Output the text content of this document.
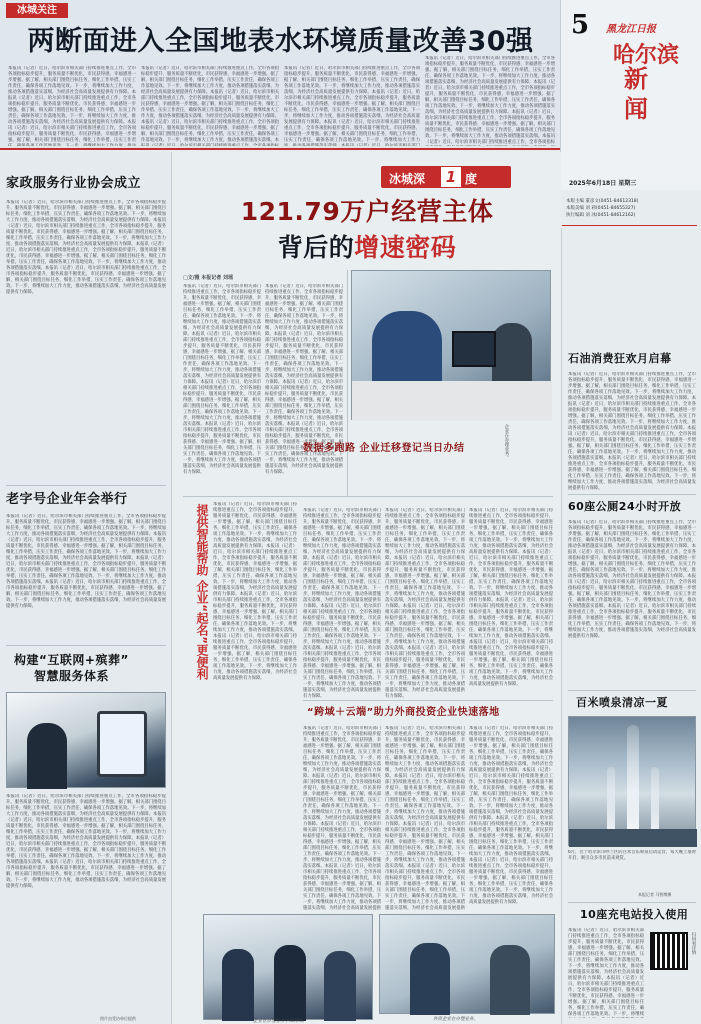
冰城关注
两断面进入全国地表水环境质量改善30强
本报讯（记者）近日，哈尔滨市相关部门持续推进重点工作，全市各项指标稳步提升，服务质量不断优化，市民获得感、幸福感进一步增强。据了解，相关部门围绕目标任务，细化工作举措，压实工作责任，确保各项工作落地见效。下一步，将继续加大工作力度，推动各项措施落实落细，为经济社会高质量发展提供有力保障。本报讯（记者）近日，哈尔滨市相关部门持续推进重点工作，全市各项指标稳步提升，服务质量不断优化，市民获得感、幸福感进一步增强。据了解，相关部门围绕目标任务，细化工作举措，压实工作责任，确保各项工作落地见效。下一步，将继续加大工作力度，推动各项措施落实落细，为经济社会高质量发展提供有力保障。本报讯（记者）近日，哈尔滨市相关部门持续推进重点工作，全市各项指标稳步提升，服务质量不断优化，市民获得感、幸福感进一步增强。据了解，相关部门围绕目标任务，细化工作举措，压实工作责任，确保各项工作落地见效。下一步，将继续加大工作力度，推动各项措施落实落细。本报讯（记者）近日，哈尔滨市相关部门持续推进重点工作，全市各项指标稳步提升，服务质量不断优化，市民获得感、幸福感进一步增强。据了解，相关部门围绕目标任务，细化工作举措，压实工作责任，确保各项工作落地见效。下一步，将继续加大工作力度，推动各项措施落实落细，为经济社会高质量发展提供有力保障。
本报讯（记者）近日，哈尔滨市相关部门持续推进重点工作，全市各项指标稳步提升，服务质量不断优化，市民获得感、幸福感进一步增强。据了解，相关部门围绕目标任务，细化工作举措，压实工作责任，确保各项工作落地见效。下一步，将继续加大工作力度，推动各项措施落实落细，为经济社会高质量发展提供有力保障。本报讯（记者）近日，哈尔滨市相关部门持续推进重点工作，全市各项指标稳步提升，服务质量不断优化，市民获得感、幸福感进一步增强。据了解，相关部门围绕目标任务，细化工作举措，压实工作责任，确保各项工作落地见效。下一步，将继续加大工作力度，推动各项措施落实落细，为经济社会高质量发展提供有力保障。本报讯（记者）近日，哈尔滨市相关部门持续推进重点工作，全市各项指标稳步提升，服务质量不断优化，市民获得感、幸福感进一步增强。据了解，相关部门围绕目标任务，细化工作举措，压实工作责任，确保各项工作落地见效。下一步，将继续加大工作力度，推动各项措施落实落细。本报讯（记者）近日，哈尔滨市相关部门持续推进重点工作，全市各项指标稳步提升，服务质量不断优化，市民获得感、幸福感进一步增强。据了解，相关部门围绕目标任务，细化工作举措，压实工作责任，确保各项工作落地见效。下一步，将继续加大工作力度，推动各项措施落实落细，为经济社会高质量发展提供有力保障。
本报讯（记者）近日，哈尔滨市相关部门持续推进重点工作，全市各项指标稳步提升，服务质量不断优化，市民获得感、幸福感进一步增强。据了解，相关部门围绕目标任务，细化工作举措，压实工作责任，确保各项工作落地见效。下一步，将继续加大工作力度，推动各项措施落实落细，为经济社会高质量发展提供有力保障。本报讯（记者）近日，哈尔滨市相关部门持续推进重点工作，全市各项指标稳步提升，服务质量不断优化，市民获得感、幸福感进一步增强。据了解，相关部门围绕目标任务，细化工作举措，压实工作责任，确保各项工作落地见效。下一步，将继续加大工作力度，推动各项措施落实落细，为经济社会高质量发展提供有力保障。本报讯（记者）近日，哈尔滨市相关部门持续推进重点工作，全市各项指标稳步提升，服务质量不断优化，市民获得感、幸福感进一步增强。据了解，相关部门围绕目标任务，细化工作举措，压实工作责任，确保各项工作落地见效。下一步，将继续加大工作力度，推动各项措施落实落细。本报讯（记者）近日，哈尔滨市相关部门持续推进重点工作，全市各项指标稳步提升，服务质量不断优化，市民获得感、幸福感进一步增强。据了解，相关部门围绕目标任务，细化工作举措，压实工作责任，确保各项工作落地见效。下一步，将继续加大工作力度，推动各项措施落实落细，为经济社会高质量发展提供有力保障。
本报讯（记者）近日，哈尔滨市相关部门持续推进重点工作，全市各项指标稳步提升，服务质量不断优化，市民获得感、幸福感进一步增强。据了解，相关部门围绕目标任务，细化工作举措，压实工作责任，确保各项工作落地见效。下一步，将继续加大工作力度，推动各项措施落实落细，为经济社会高质量发展提供有力保障。本报讯（记者）近日，哈尔滨市相关部门持续推进重点工作，全市各项指标稳步提升，服务质量不断优化，市民获得感、幸福感进一步增强。据了解，相关部门围绕目标任务，细化工作举措，压实工作责任，确保各项工作落地见效。下一步，将继续加大工作力度，推动各项措施落实落细，为经济社会高质量发展提供有力保障。本报讯（记者）近日，哈尔滨市相关部门持续推进重点工作，全市各项指标稳步提升，服务质量不断优化，市民获得感、幸福感进一步增强。据了解，相关部门围绕目标任务，细化工作举措，压实工作责任，确保各项工作落地见效。下一步，将继续加大工作力度，推动各项措施落实落细。本报讯（记者）近日，哈尔滨市相关部门持续推进重点工作，全市各项指标稳步提升，服务质量不断优化，市民获得感、幸福感进一步增强。据了解，相关部门围绕目标任务，细化工作举措，压实工作责任，确保各项工作落地见效。下一步，将继续加大工作力度，推动各项措施落实落细，为经济社会高质量发展提供有力保障。
5 黑龙江日报
哈尔滨
新闻
2025年6月18日 星期三
本版主编 董彦文(0451-84612318)
本版美编 刘 莉(0451-84655327)
执行编辑 刘 冰(0451-84612162)
家政服务行业协会成立
本报讯（记者）近日，哈尔滨市相关部门持续推进重点工作，全市各项指标稳步提升，服务质量不断优化，市民获得感、幸福感进一步增强。据了解，相关部门围绕目标任务，细化工作举措，压实工作责任，确保各项工作落地见效。下一步，将继续加大工作力度，推动各项措施落实落细，为经济社会高质量发展提供有力保障。本报讯（记者）近日，哈尔滨市相关部门持续推进重点工作，全市各项指标稳步提升，服务质量不断优化，市民获得感、幸福感进一步增强。据了解，相关部门围绕目标任务，细化工作举措，压实工作责任，确保各项工作落地见效。下一步，将继续加大工作力度，推动各项措施落实落细，为经济社会高质量发展提供有力保障。本报讯（记者）近日，哈尔滨市相关部门持续推进重点工作，全市各项指标稳步提升，服务质量不断优化，市民获得感、幸福感进一步增强。据了解，相关部门围绕目标任务，细化工作举措，压实工作责任，确保各项工作落地见效。下一步，将继续加大工作力度，推动各项措施落实落细。本报讯（记者）近日，哈尔滨市相关部门持续推进重点工作，全市各项指标稳步提升，服务质量不断优化，市民获得感、幸福感进一步增强。据了解，相关部门围绕目标任务，细化工作举措，压实工作责任，确保各项工作落地见效。下一步，将继续加大工作力度，推动各项措施落实落细，为经济社会高质量发展提供有力保障。
老字号企业年会举行
本报讯（记者）近日，哈尔滨市相关部门持续推进重点工作，全市各项指标稳步提升，服务质量不断优化，市民获得感、幸福感进一步增强。据了解，相关部门围绕目标任务，细化工作举措，压实工作责任，确保各项工作落地见效。下一步，将继续加大工作力度，推动各项措施落实落细，为经济社会高质量发展提供有力保障。本报讯（记者）近日，哈尔滨市相关部门持续推进重点工作，全市各项指标稳步提升，服务质量不断优化，市民获得感、幸福感进一步增强。据了解，相关部门围绕目标任务，细化工作举措，压实工作责任，确保各项工作落地见效。下一步，将继续加大工作力度，推动各项措施落实落细，为经济社会高质量发展提供有力保障。本报讯（记者）近日，哈尔滨市相关部门持续推进重点工作，全市各项指标稳步提升，服务质量不断优化，市民获得感、幸福感进一步增强。据了解，相关部门围绕目标任务，细化工作举措，压实工作责任，确保各项工作落地见效。下一步，将继续加大工作力度，推动各项措施落实落细。本报讯（记者）近日，哈尔滨市相关部门持续推进重点工作，全市各项指标稳步提升，服务质量不断优化，市民获得感、幸福感进一步增强。据了解，相关部门围绕目标任务，细化工作举措，压实工作责任，确保各项工作落地见效。下一步，将继续加大工作力度，推动各项措施落实落细，为经济社会高质量发展提供有力保障。
构建“互联网+殡葬”
智慧服务体系
本报讯（记者）近日，哈尔滨市相关部门持续推进重点工作，全市各项指标稳步提升，服务质量不断优化，市民获得感、幸福感进一步增强。据了解，相关部门围绕目标任务，细化工作举措，压实工作责任，确保各项工作落地见效。下一步，将继续加大工作力度，推动各项措施落实落细，为经济社会高质量发展提供有力保障。本报讯（记者）近日，哈尔滨市相关部门持续推进重点工作，全市各项指标稳步提升，服务质量不断优化，市民获得感、幸福感进一步增强。据了解，相关部门围绕目标任务，细化工作举措，压实工作责任，确保各项工作落地见效。下一步，将继续加大工作力度，推动各项措施落实落细，为经济社会高质量发展提供有力保障。本报讯（记者）近日，哈尔滨市相关部门持续推进重点工作，全市各项指标稳步提升，服务质量不断优化，市民获得感、幸福感进一步增强。据了解，相关部门围绕目标任务，细化工作举措，压实工作责任，确保各项工作落地见效。下一步，将继续加大工作力度，推动各项措施落实落细。本报讯（记者）近日，哈尔滨市相关部门持续推进重点工作，全市各项指标稳步提升，服务质量不断优化，市民获得感、幸福感进一步增强。据了解，相关部门围绕目标任务，细化工作举措，压实工作责任，确保各项工作落地见效。下一步，将继续加大工作力度，推动各项措施落实落细，为经济社会高质量发展提供有力保障。
图片由受访单位提供
冰城深	1 度
121.79万户经营主体
背后的增速密码
□文/摄 本报记者 刘瑶
本报讯（记者）近日，哈尔滨市相关部门持续推进重点工作，全市各项指标稳步提升，服务质量不断优化，市民获得感、幸福感进一步增强。据了解，相关部门围绕目标任务，细化工作举措，压实工作责任，确保各项工作落地见效。下一步，将继续加大工作力度，推动各项措施落实落细，为经济社会高质量发展提供有力保障。本报讯（记者）近日，哈尔滨市相关部门持续推进重点工作，全市各项指标稳步提升，服务质量不断优化，市民获得感、幸福感进一步增强。据了解，相关部门围绕目标任务，细化工作举措，压实工作责任，确保各项工作落地见效。下一步，将继续加大工作力度，推动各项措施落实落细，为经济社会高质量发展提供有力保障。本报讯（记者）近日，哈尔滨市相关部门持续推进重点工作，全市各项指标稳步提升，服务质量不断优化，市民获得感、幸福感进一步增强。据了解，相关部门围绕目标任务，细化工作举措，压实工作责任，确保各项工作落地见效。下一步，将继续加大工作力度，推动各项措施落实落细。本报讯（记者）近日，哈尔滨市相关部门持续推进重点工作，全市各项指标稳步提升，服务质量不断优化，市民获得感、幸福感进一步增强。据了解，相关部门围绕目标任务，细化工作举措，压实工作责任，确保各项工作落地见效。下一步，将继续加大工作力度，推动各项措施落实落细，为经济社会高质量发展提供有力保障。
本报讯（记者）近日，哈尔滨市相关部门持续推进重点工作，全市各项指标稳步提升，服务质量不断优化，市民获得感、幸福感进一步增强。据了解，相关部门围绕目标任务，细化工作举措，压实工作责任，确保各项工作落地见效。下一步，将继续加大工作力度，推动各项措施落实落细，为经济社会高质量发展提供有力保障。本报讯（记者）近日，哈尔滨市相关部门持续推进重点工作，全市各项指标稳步提升，服务质量不断优化，市民获得感、幸福感进一步增强。据了解，相关部门围绕目标任务，细化工作举措，压实工作责任，确保各项工作落地见效。下一步，将继续加大工作力度，推动各项措施落实落细，为经济社会高质量发展提供有力保障。本报讯（记者）近日，哈尔滨市相关部门持续推进重点工作，全市各项指标稳步提升，服务质量不断优化，市民获得感、幸福感进一步增强。据了解，相关部门围绕目标任务，细化工作举措，压实工作责任，确保各项工作落地见效。下一步，将继续加大工作力度，推动各项措施落实落细。本报讯（记者）近日，哈尔滨市相关部门持续推进重点工作，全市各项指标稳步提升，服务质量不断优化，市民获得感、幸福感进一步增强。据了解，相关部门围绕目标任务，细化工作举措，压实工作责任，确保各项工作落地见效。下一步，将继续加大工作力度，推动各项措施落实落细，为经济社会高质量发展提供有力保障。
企业在办理业务。
提供智能帮助 企业“起名”更便利
本报讯（记者）近日，哈尔滨市相关部门持续推进重点工作，全市各项指标稳步提升，服务质量不断优化，市民获得感、幸福感进一步增强。据了解，相关部门围绕目标任务，细化工作举措，压实工作责任，确保各项工作落地见效。下一步，将继续加大工作力度，推动各项措施落实落细，为经济社会高质量发展提供有力保障。本报讯（记者）近日，哈尔滨市相关部门持续推进重点工作，全市各项指标稳步提升，服务质量不断优化，市民获得感、幸福感进一步增强。据了解，相关部门围绕目标任务，细化工作举措，压实工作责任，确保各项工作落地见效。下一步，将继续加大工作力度，推动各项措施落实落细，为经济社会高质量发展提供有力保障。本报讯（记者）近日，哈尔滨市相关部门持续推进重点工作，全市各项指标稳步提升，服务质量不断优化，市民获得感、幸福感进一步增强。据了解，相关部门围绕目标任务，细化工作举措，压实工作责任，确保各项工作落地见效。下一步，将继续加大工作力度，推动各项措施落实落细。本报讯（记者）近日，哈尔滨市相关部门持续推进重点工作，全市各项指标稳步提升，服务质量不断优化，市民获得感、幸福感进一步增强。据了解，相关部门围绕目标任务，细化工作举措，压实工作责任，确保各项工作落地见效。下一步，将继续加大工作力度，推动各项措施落实落细，为经济社会高质量发展提供有力保障。
数据多跑路 企业迁移登记当日办结
本报讯（记者）近日，哈尔滨市相关部门持续推进重点工作，全市各项指标稳步提升，服务质量不断优化，市民获得感、幸福感进一步增强。据了解，相关部门围绕目标任务，细化工作举措，压实工作责任，确保各项工作落地见效。下一步，将继续加大工作力度，推动各项措施落实落细，为经济社会高质量发展提供有力保障。本报讯（记者）近日，哈尔滨市相关部门持续推进重点工作，全市各项指标稳步提升，服务质量不断优化，市民获得感、幸福感进一步增强。据了解，相关部门围绕目标任务，细化工作举措，压实工作责任，确保各项工作落地见效。下一步，将继续加大工作力度，推动各项措施落实落细，为经济社会高质量发展提供有力保障。本报讯（记者）近日，哈尔滨市相关部门持续推进重点工作，全市各项指标稳步提升，服务质量不断优化，市民获得感、幸福感进一步增强。据了解，相关部门围绕目标任务，细化工作举措，压实工作责任，确保各项工作落地见效。下一步，将继续加大工作力度，推动各项措施落实落细。本报讯（记者）近日，哈尔滨市相关部门持续推进重点工作，全市各项指标稳步提升，服务质量不断优化，市民获得感、幸福感进一步增强。据了解，相关部门围绕目标任务，细化工作举措，压实工作责任，确保各项工作落地见效。下一步，将继续加大工作力度，推动各项措施落实落细，为经济社会高质量发展提供有力保障。
本报讯（记者）近日，哈尔滨市相关部门持续推进重点工作，全市各项指标稳步提升，服务质量不断优化，市民获得感、幸福感进一步增强。据了解，相关部门围绕目标任务，细化工作举措，压实工作责任，确保各项工作落地见效。下一步，将继续加大工作力度，推动各项措施落实落细，为经济社会高质量发展提供有力保障。本报讯（记者）近日，哈尔滨市相关部门持续推进重点工作，全市各项指标稳步提升，服务质量不断优化，市民获得感、幸福感进一步增强。据了解，相关部门围绕目标任务，细化工作举措，压实工作责任，确保各项工作落地见效。下一步，将继续加大工作力度，推动各项措施落实落细，为经济社会高质量发展提供有力保障。本报讯（记者）近日，哈尔滨市相关部门持续推进重点工作，全市各项指标稳步提升，服务质量不断优化，市民获得感、幸福感进一步增强。据了解，相关部门围绕目标任务，细化工作举措，压实工作责任，确保各项工作落地见效。下一步，将继续加大工作力度，推动各项措施落实落细。本报讯（记者）近日，哈尔滨市相关部门持续推进重点工作，全市各项指标稳步提升，服务质量不断优化，市民获得感、幸福感进一步增强。据了解，相关部门围绕目标任务，细化工作举措，压实工作责任，确保各项工作落地见效。下一步，将继续加大工作力度，推动各项措施落实落细，为经济社会高质量发展提供有力保障。
本报讯（记者）近日，哈尔滨市相关部门持续推进重点工作，全市各项指标稳步提升，服务质量不断优化，市民获得感、幸福感进一步增强。据了解，相关部门围绕目标任务，细化工作举措，压实工作责任，确保各项工作落地见效。下一步，将继续加大工作力度，推动各项措施落实落细，为经济社会高质量发展提供有力保障。本报讯（记者）近日，哈尔滨市相关部门持续推进重点工作，全市各项指标稳步提升，服务质量不断优化，市民获得感、幸福感进一步增强。据了解，相关部门围绕目标任务，细化工作举措，压实工作责任，确保各项工作落地见效。下一步，将继续加大工作力度，推动各项措施落实落细，为经济社会高质量发展提供有力保障。本报讯（记者）近日，哈尔滨市相关部门持续推进重点工作，全市各项指标稳步提升，服务质量不断优化，市民获得感、幸福感进一步增强。据了解，相关部门围绕目标任务，细化工作举措，压实工作责任，确保各项工作落地见效。下一步，将继续加大工作力度，推动各项措施落实落细。本报讯（记者）近日，哈尔滨市相关部门持续推进重点工作，全市各项指标稳步提升，服务质量不断优化，市民获得感、幸福感进一步增强。据了解，相关部门围绕目标任务，细化工作举措，压实工作责任，确保各项工作落地见效。下一步，将继续加大工作力度，推动各项措施落实落细，为经济社会高质量发展提供有力保障。
“跨域＋云端”助力外商投资企业快速落地
本报讯（记者）近日，哈尔滨市相关部门持续推进重点工作，全市各项指标稳步提升，服务质量不断优化，市民获得感、幸福感进一步增强。据了解，相关部门围绕目标任务，细化工作举措，压实工作责任，确保各项工作落地见效。下一步，将继续加大工作力度，推动各项措施落实落细，为经济社会高质量发展提供有力保障。本报讯（记者）近日，哈尔滨市相关部门持续推进重点工作，全市各项指标稳步提升，服务质量不断优化，市民获得感、幸福感进一步增强。据了解，相关部门围绕目标任务，细化工作举措，压实工作责任，确保各项工作落地见效。下一步，将继续加大工作力度，推动各项措施落实落细，为经济社会高质量发展提供有力保障。本报讯（记者）近日，哈尔滨市相关部门持续推进重点工作，全市各项指标稳步提升，服务质量不断优化，市民获得感、幸福感进一步增强。据了解，相关部门围绕目标任务，细化工作举措，压实工作责任，确保各项工作落地见效。下一步，将继续加大工作力度，推动各项措施落实落细。本报讯（记者）近日，哈尔滨市相关部门持续推进重点工作，全市各项指标稳步提升，服务质量不断优化，市民获得感、幸福感进一步增强。据了解，相关部门围绕目标任务，细化工作举措，压实工作责任，确保各项工作落地见效。下一步，将继续加大工作力度，推动各项措施落实落细，为经济社会高质量发展提供有力保障。
本报讯（记者）近日，哈尔滨市相关部门持续推进重点工作，全市各项指标稳步提升，服务质量不断优化，市民获得感、幸福感进一步增强。据了解，相关部门围绕目标任务，细化工作举措，压实工作责任，确保各项工作落地见效。下一步，将继续加大工作力度，推动各项措施落实落细，为经济社会高质量发展提供有力保障。本报讯（记者）近日，哈尔滨市相关部门持续推进重点工作，全市各项指标稳步提升，服务质量不断优化，市民获得感、幸福感进一步增强。据了解，相关部门围绕目标任务，细化工作举措，压实工作责任，确保各项工作落地见效。下一步，将继续加大工作力度，推动各项措施落实落细，为经济社会高质量发展提供有力保障。本报讯（记者）近日，哈尔滨市相关部门持续推进重点工作，全市各项指标稳步提升，服务质量不断优化，市民获得感、幸福感进一步增强。据了解，相关部门围绕目标任务，细化工作举措，压实工作责任，确保各项工作落地见效。下一步，将继续加大工作力度，推动各项措施落实落细。本报讯（记者）近日，哈尔滨市相关部门持续推进重点工作，全市各项指标稳步提升，服务质量不断优化，市民获得感、幸福感进一步增强。据了解，相关部门围绕目标任务，细化工作举措，压实工作责任，确保各项工作落地见效。下一步，将继续加大工作力度，推动各项措施落实落细，为经济社会高质量发展提供有力保障。
本报讯（记者）近日，哈尔滨市相关部门持续推进重点工作，全市各项指标稳步提升，服务质量不断优化，市民获得感、幸福感进一步增强。据了解，相关部门围绕目标任务，细化工作举措，压实工作责任，确保各项工作落地见效。下一步，将继续加大工作力度，推动各项措施落实落细，为经济社会高质量发展提供有力保障。本报讯（记者）近日，哈尔滨市相关部门持续推进重点工作，全市各项指标稳步提升，服务质量不断优化，市民获得感、幸福感进一步增强。据了解，相关部门围绕目标任务，细化工作举措，压实工作责任，确保各项工作落地见效。下一步，将继续加大工作力度，推动各项措施落实落细，为经济社会高质量发展提供有力保障。本报讯（记者）近日，哈尔滨市相关部门持续推进重点工作，全市各项指标稳步提升，服务质量不断优化，市民获得感、幸福感进一步增强。据了解，相关部门围绕目标任务，细化工作举措，压实工作责任，确保各项工作落地见效。下一步，将继续加大工作力度，推动各项措施落实落细。本报讯（记者）近日，哈尔滨市相关部门持续推进重点工作，全市各项指标稳步提升，服务质量不断优化，市民获得感、幸福感进一步增强。据了解，相关部门围绕目标任务，细化工作举措，压实工作责任，确保各项工作落地见效。下一步，将继续加大工作力度，推动各项措施落实落细，为经济社会高质量发展提供有力保障。
企业在办理业务手续现场。	外资企业在办理业务。
石油消费狂欢月启幕
本报讯（记者）近日，哈尔滨市相关部门持续推进重点工作，全市各项指标稳步提升，服务质量不断优化，市民获得感、幸福感进一步增强。据了解，相关部门围绕目标任务，细化工作举措，压实工作责任，确保各项工作落地见效。下一步，将继续加大工作力度，推动各项措施落实落细，为经济社会高质量发展提供有力保障。本报讯（记者）近日，哈尔滨市相关部门持续推进重点工作，全市各项指标稳步提升，服务质量不断优化，市民获得感、幸福感进一步增强。据了解，相关部门围绕目标任务，细化工作举措，压实工作责任，确保各项工作落地见效。下一步，将继续加大工作力度，推动各项措施落实落细，为经济社会高质量发展提供有力保障。本报讯（记者）近日，哈尔滨市相关部门持续推进重点工作，全市各项指标稳步提升，服务质量不断优化，市民获得感、幸福感进一步增强。据了解，相关部门围绕目标任务，细化工作举措，压实工作责任，确保各项工作落地见效。下一步，将继续加大工作力度，推动各项措施落实落细。本报讯（记者）近日，哈尔滨市相关部门持续推进重点工作，全市各项指标稳步提升，服务质量不断优化，市民获得感、幸福感进一步增强。据了解，相关部门围绕目标任务，细化工作举措，压实工作责任，确保各项工作落地见效。下一步，将继续加大工作力度，推动各项措施落实落细，为经济社会高质量发展提供有力保障。
60座公厕24小时开放
本报讯（记者）近日，哈尔滨市相关部门持续推进重点工作，全市各项指标稳步提升，服务质量不断优化，市民获得感、幸福感进一步增强。据了解，相关部门围绕目标任务，细化工作举措，压实工作责任，确保各项工作落地见效。下一步，将继续加大工作力度，推动各项措施落实落细，为经济社会高质量发展提供有力保障。本报讯（记者）近日，哈尔滨市相关部门持续推进重点工作，全市各项指标稳步提升，服务质量不断优化，市民获得感、幸福感进一步增强。据了解，相关部门围绕目标任务，细化工作举措，压实工作责任，确保各项工作落地见效。下一步，将继续加大工作力度，推动各项措施落实落细，为经济社会高质量发展提供有力保障。本报讯（记者）近日，哈尔滨市相关部门持续推进重点工作，全市各项指标稳步提升，服务质量不断优化，市民获得感、幸福感进一步增强。据了解，相关部门围绕目标任务，细化工作举措，压实工作责任，确保各项工作落地见效。下一步，将继续加大工作力度，推动各项措施落实落细。本报讯（记者）近日，哈尔滨市相关部门持续推进重点工作，全市各项指标稳步提升，服务质量不断优化，市民获得感、幸福感进一步增强。据了解，相关部门围绕目标任务，细化工作举措，压实工作责任，确保各项工作落地见效。下一步，将继续加大工作力度，推动各项措施落实落细，为经济社会高质量发展提供有力保障。
百米喷泉清凉一夏
6月，位于哈尔滨市呼兰区的百米音乐喷泉启动运营，每天晚上准时开启，吸引众多市民前来观赏。
本报记者 马智博摄
10座充电站投入使用
本报讯（记者）近日，哈尔滨市相关部门持续推进重点工作，全市各项指标稳步提升，服务质量不断优化，市民获得感、幸福感进一步增强。据了解，相关部门围绕目标任务，细化工作举措，压实工作责任，确保各项工作落地见效。下一步，将继续加大工作力度，推动各项措施落实落细，为经济社会高质量发展提供有力保障。本报讯（记者）近日，哈尔滨市相关部门持续推进重点工作，全市各项指标稳步提升，服务质量不断优化，市民获得感、幸福感进一步增强。据了解，相关部门围绕目标任务，细化工作举措，压实工作责任，确保各项工作落地见效。下一步，将继续加大工作力度，推动各项措施落实落细，为经济社会高质量发展提供有力保障。本报讯（记者）近日，哈尔滨市相关部门持续推进重点工作，全市各项指标稳步提升，服务质量不断优化，市民获得感、幸福感进一步增强。据了解，相关部门围绕目标任务，细化工作举措，压实工作责任，确保各项工作落地见效。下一步，将继续加大工作力度，推动各项措施落实落细。本报讯（记者）近日，哈尔滨市相关部门持续推进重点工作，全市各项指标稳步提升，服务质量不断优化，市民获得感、幸福感进一步增强。据了解，相关部门围绕目标任务，细化工作举措，压实工作责任，确保各项工作落地见效。下一步，将继续加大工作力度，推动各项措施落实落细，为经济社会高质量发展提供有力保障。
扫码看详情
